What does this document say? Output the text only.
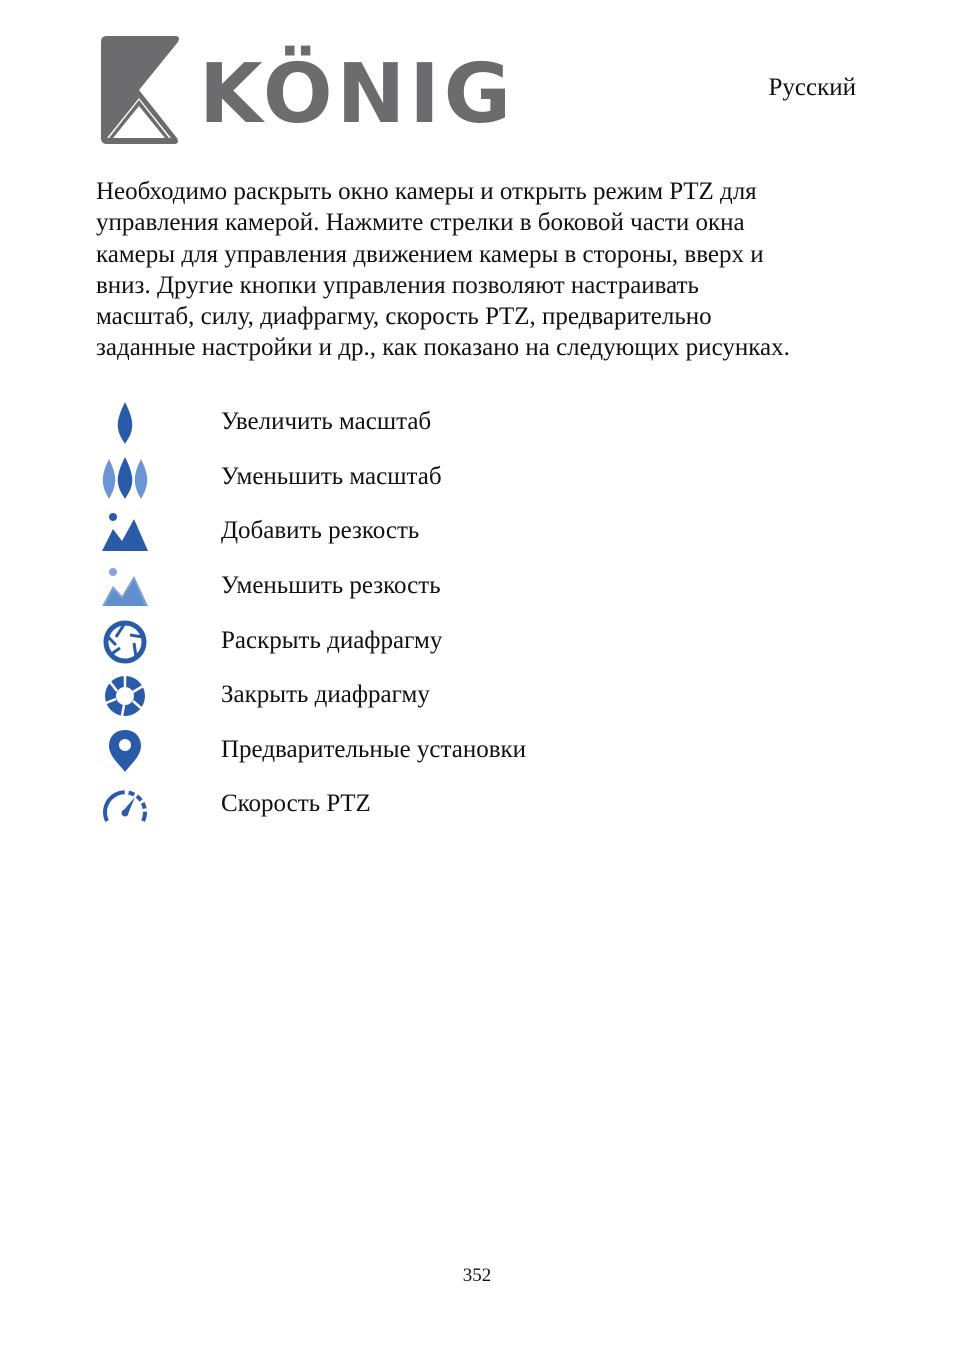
KÖNIG	Русский

Необходимо раскрыть окно камеры и открыть режим PTZ для
управления камерой. Нажмите стрелки в боковой части окна
камеры для управления движением камеры в стороны, вверх и
вниз. Другие кнопки управления позволяют настраивать
масштаб, силу, диафрагму, скорость PTZ, предварительно
заданные настройки и др., как показано на следующих рисунках.

Увеличить масштаб
Уменьшить масштаб
Добавить резкость
Уменьшить резкость
Раскрыть диафрагму
Закрыть диафрагму
Предварительные установки
Скорость PTZ
352
